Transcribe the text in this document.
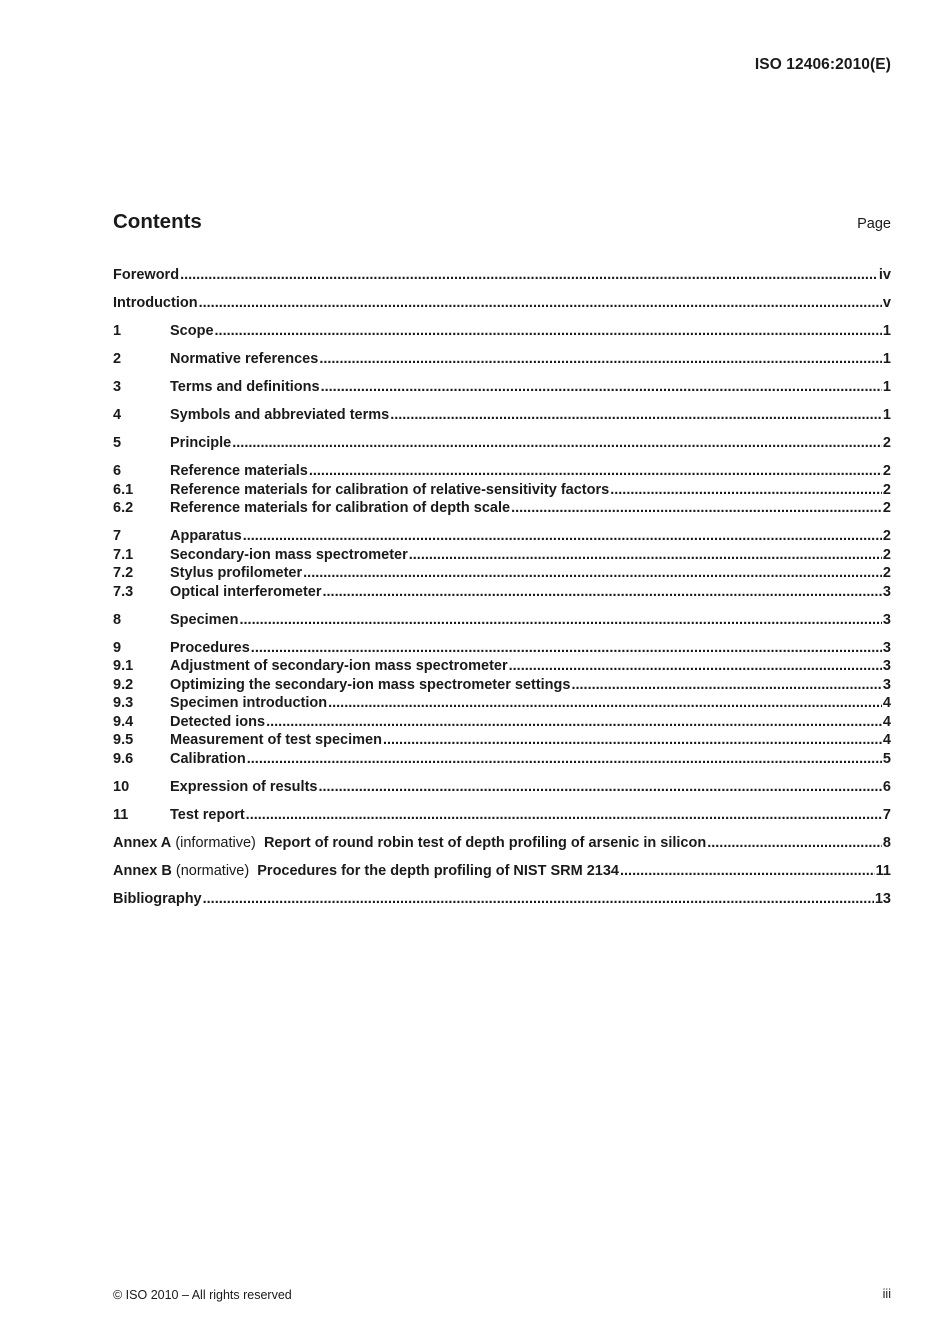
ISO 12406:2010(E)
Contents	Page
Foreword .....	iv
Introduction .....	v
1	Scope .....	1
2	Normative references .....	1
3	Terms and definitions .....	1
4	Symbols and abbreviated terms .....	1
5	Principle .....	2
6	Reference materials .....	2
6.1	Reference materials for calibration of relative-sensitivity factors .....	2
6.2	Reference materials for calibration of depth scale .....	2
7	Apparatus .....	2
7.1	Secondary-ion mass spectrometer .....	2
7.2	Stylus profilometer .....	2
7.3	Optical interferometer .....	3
8	Specimen .....	3
9	Procedures .....	3
9.1	Adjustment of secondary-ion mass spectrometer .....	3
9.2	Optimizing the secondary-ion mass spectrometer settings .....	3
9.3	Specimen introduction .....	4
9.4	Detected ions .....	4
9.5	Measurement of test specimen .....	4
9.6	Calibration .....	5
10	Expression of results .....	6
11	Test report .....	7
Annex A (informative) Report of round robin test of depth profiling of arsenic in silicon .....	8
Annex B (normative) Procedures for the depth profiling of NIST SRM 2134 .....	11
Bibliography .....	13
© ISO 2010 – All rights reserved	iii
